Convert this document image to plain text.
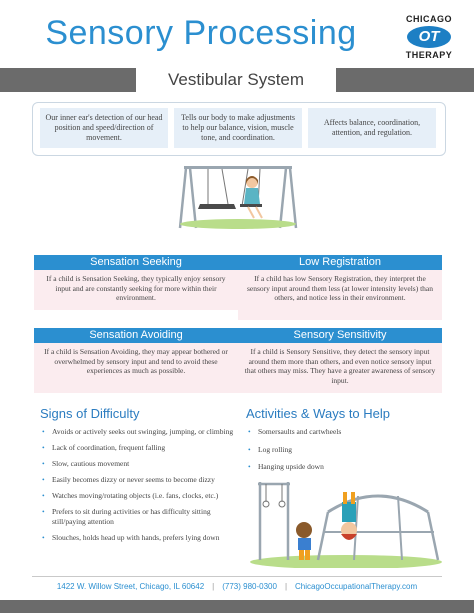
Sensory Processing	CHICAGO
OT
THERAPY
Vestibular System
Our inner ear's detection of our head position and speed/direction of movement.
Tells our body to make adjustments to help our balance, vision, muscle tone, and coordination.
Affects balance, coordination, attention, and regulation.
Sensation Seeking
If a child is Sensation Seeking, they typically enjoy sensory input and are constantly seeking for more within their environment.
Low Registration
If a child has low Sensory Registration, they interpret the sensory input around them less (at lower intensity levels) than others, and notice less in their environment.
Sensation Avoiding
If a child is Sensation Avoiding, they may appear bothered or overwhelmed by sensory input and tend to avoid these experiences as much as possible.
Sensory Sensitivity
If a child is Sensory Sensitive, they detect the sensory input around them more than others, and even notice sensory input that others may miss. They have a greater awareness of sensory input.
Signs of Difficulty
• Avoids or actively seeks out swinging, jumping, or climbing
• Lack of coordination, frequent falling
• Slow, cautious movement
• Easily becomes dizzy or never seems to become dizzy
• Watches moving/rotating objects (i.e. fans, clocks, etc.)
• Prefers to sit during activities or has difficulty sitting still/paying attention
• Slouches, holds head up with hands, prefers lying down
Activities & Ways to Help
• Somersaults and cartwheels
• Log rolling
• Hanging upside down
1422 W. Willow Street, Chicago, IL 60642 | (773) 980-0300 | ChicagoOccupationalTherapy.com
